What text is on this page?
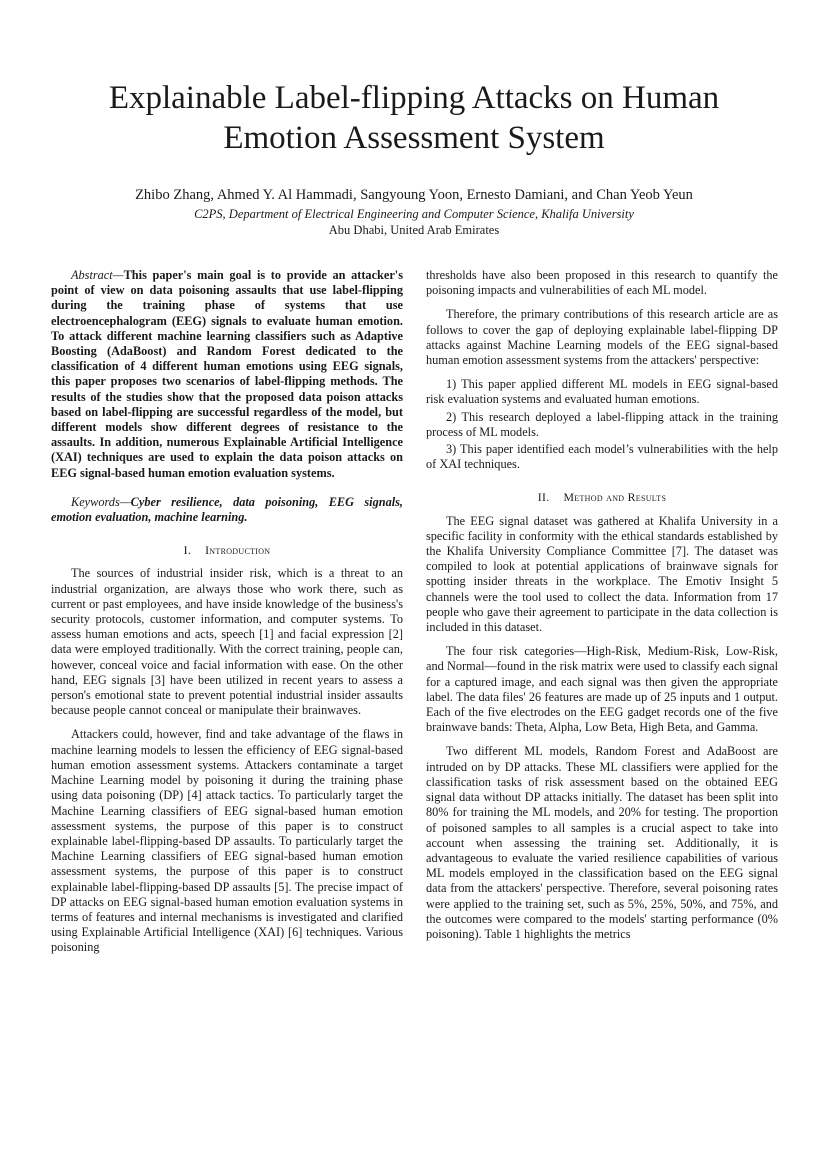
Explainable Label-flipping Attacks on Human Emotion Assessment System
Zhibo Zhang, Ahmed Y. Al Hammadi, Sangyoung Yoon, Ernesto Damiani, and Chan Yeob Yeun
C2PS, Department of Electrical Engineering and Computer Science, Khalifa University
Abu Dhabi, United Arab Emirates

Abstract—This paper's main goal is to provide an attacker's point of view on data poisoning assaults that use label-flipping during the training phase of systems that use electroencephalogram (EEG) signals to evaluate human emotion. To attack different machine learning classifiers such as Adaptive Boosting (AdaBoost) and Random Forest dedicated to the classification of 4 different human emotions using EEG signals, this paper proposes two scenarios of label-flipping methods. The results of the studies show that the proposed data poison attacks based on label-flipping are successful regardless of the model, but different models show different degrees of resistance to the assaults. In addition, numerous Explainable Artificial Intelligence (XAI) techniques are used to explain the data poison attacks on EEG signal-based human emotion evaluation systems.

Keywords—Cyber resilience, data poisoning, EEG signals, emotion evaluation, machine learning.

I. Introduction

The sources of industrial insider risk, which is a threat to an industrial organization, are always those who work there, such as current or past employees, and have inside knowledge of the business's security protocols, customer information, and computer systems. To assess human emotions and acts, speech [1] and facial expression [2] data were employed traditionally. With the correct training, people can, however, conceal voice and facial information with ease. On the other hand, EEG signals [3] have been utilized in recent years to assess a person's emotional state to prevent potential industrial insider assaults because people cannot conceal or manipulate their brainwaves.

Attackers could, however, find and take advantage of the flaws in machine learning models to lessen the efficiency of EEG signal-based human emotion assessment systems. Attackers contaminate a target Machine Learning model by poisoning it during the training phase using data poisoning (DP) [4] attack tactics. To particularly target the Machine Learning classifiers of EEG signal-based human emotion assessment systems, the purpose of this paper is to construct explainable label-flipping-based DP assaults. To particularly target the Machine Learning classifiers of EEG signal-based human emotion assessment systems, the purpose of this paper is to construct explainable label-flipping-based DP assaults [5]. The precise impact of DP attacks on EEG signal-based human emotion evaluation systems in terms of features and internal mechanisms is investigated and clarified using Explainable Artificial Intelligence (XAI) [6] techniques. Various poisoning

thresholds have also been proposed in this research to quantify the poisoning impacts and vulnerabilities of each ML model.

Therefore, the primary contributions of this research article are as follows to cover the gap of deploying explainable label-flipping DP attacks against Machine Learning models of the EEG signal-based human emotion assessment systems from the attackers' perspective:

1) This paper applied different ML models in EEG signal-based risk evaluation systems and evaluated human emotions.

2) This research deployed a label-flipping attack in the training process of ML models.

3) This paper identified each model’s vulnerabilities with the help of XAI techniques.

II. Method and Results

The EEG signal dataset was gathered at Khalifa University in a specific facility in conformity with the ethical standards established by the Khalifa University Compliance Committee [7]. The dataset was compiled to look at potential applications of brainwave signals for spotting insider threats in the workplace. The Emotiv Insight 5 channels were the tool used to collect the data. Information from 17 people who gave their agreement to participate in the data collection is included in this dataset.

The four risk categories—High-Risk, Medium-Risk, Low-Risk, and Normal—found in the risk matrix were used to classify each signal for a captured image, and each signal was then given the appropriate label. The data files' 26 features are made up of 25 inputs and 1 output. Each of the five electrodes on the EEG gadget records one of the five brainwave bands: Theta, Alpha, Low Beta, High Beta, and Gamma.

Two different ML models, Random Forest and AdaBoost are intruded on by DP attacks. These ML classifiers were applied for the classification tasks of risk assessment based on the obtained EEG signal data without DP attacks initially. The dataset has been split into 80% for training the ML models, and 20% for testing. The proportion of poisoned samples to all samples is a crucial aspect to take into account when assessing the training set. Additionally, it is advantageous to evaluate the varied resilience capabilities of various ML models employed in the classification based on the EEG signal data from the attackers' perspective. Therefore, several poisoning rates were applied to the training set, such as 5%, 25%, 50%, and 75%, and the outcomes were compared to the models' starting performance (0% poisoning). Table 1 highlights the metrics
